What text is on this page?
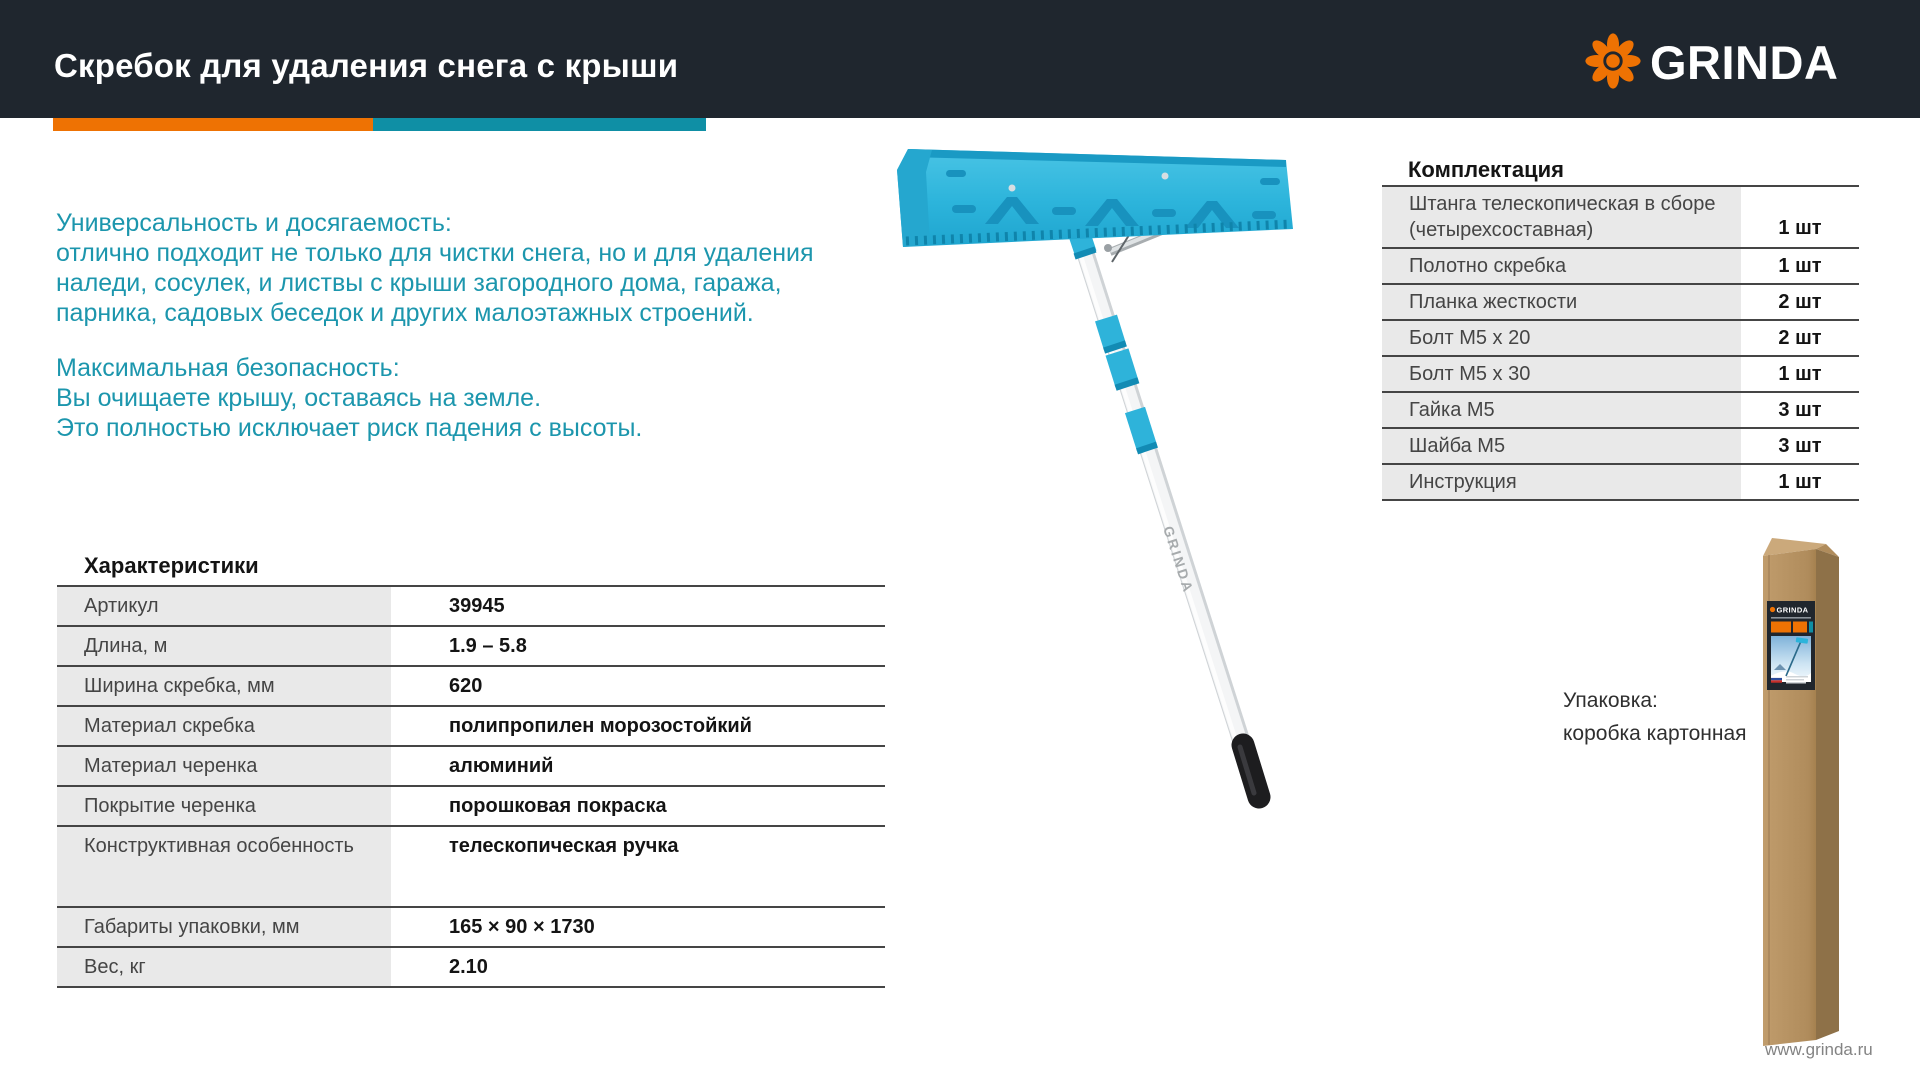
Скребок для удаления снега с крыши	GRINDA
Универсальность и досягаемость:
отлично подходит не только для чистки снега, но и для удаления
наледи, сосулек, и листвы с крыши загородного дома, гаража,
парника, садовых беседок и других малоэтажных строений.
Максимальная безопасность:
Вы очищаете крышу, оставаясь на земле.
Это полностью исключает риск падения с высоты.
Характеристики
Артикул	39945
Длина, м	1.9 – 5.8
Ширина скребка, мм	620
Материал скребка	полипропилен морозостойкий
Материал черенка	алюминий
Покрытие черенка	порошковая покраска
Конструктивная особенность	телескопическая ручка
Габариты упаковки, мм	165 × 90 × 1730
Вес, кг	2.10
Комплектация
Штанга телескопическая в сборе (четырехсоставная)	1 шт
Полотно скребка	1 шт
Планка жесткости	2 шт
Болт М5 х 20	2 шт
Болт М5 х 30	1 шт
Гайка М5	3 шт
Шайба М5	3 шт
Инструкция	1 шт
GRINDA
GRINDA
Упаковка:
коробка картонная
www.grinda.ru
